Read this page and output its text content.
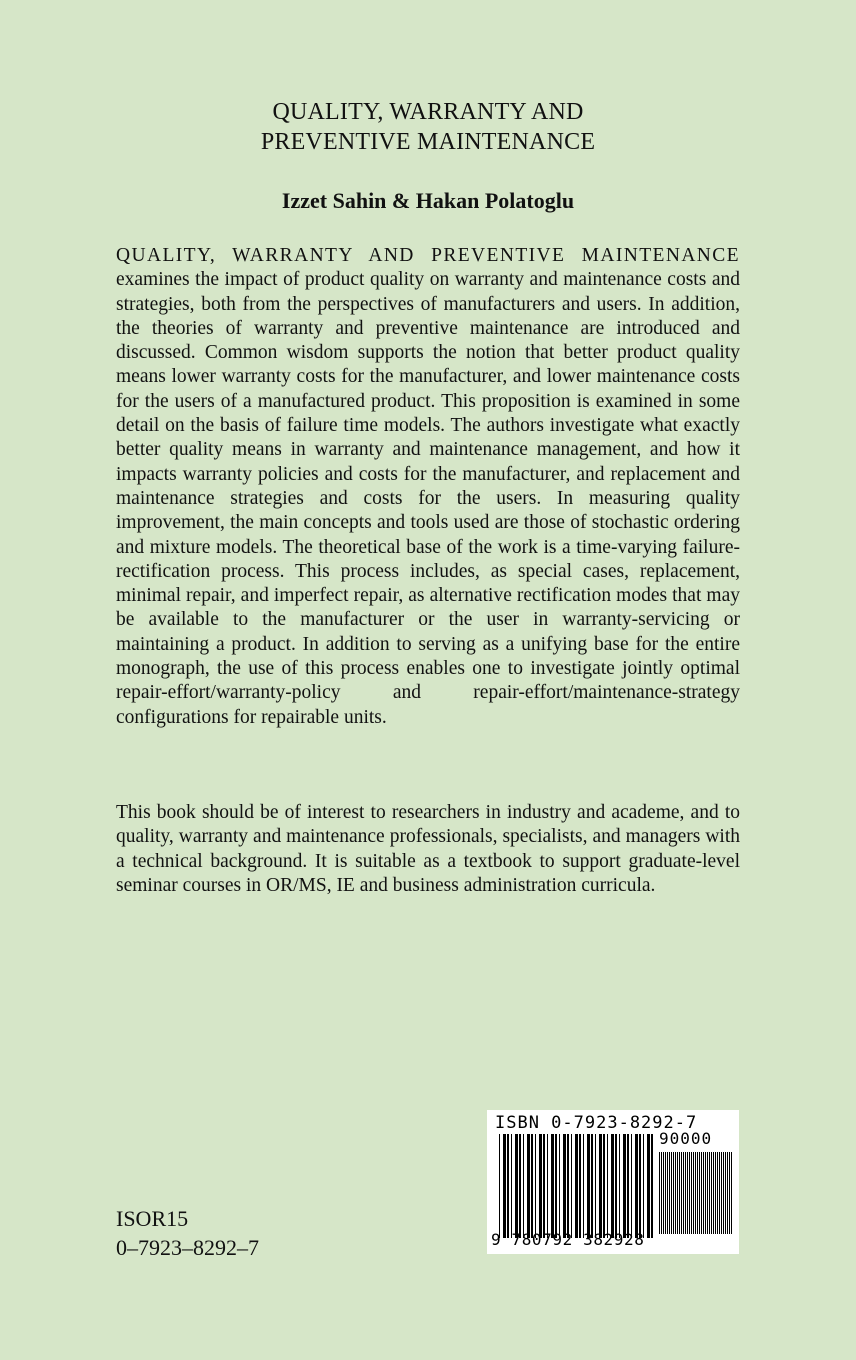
QUALITY, WARRANTY AND
PREVENTIVE MAINTENANCE

Izzet Sahin & Hakan Polatoglu

QUALITY, WARRANTY AND PREVENTIVE MAINTENANCE examines the impact of product quality on warranty and maintenance costs and strategies, both from the perspectives of manufacturers and users. In addition, the theories of warranty and preventive maintenance are introduced and discussed. Common wisdom supports the notion that better product quality means lower warranty costs for the manufacturer, and lower maintenance costs for the users of a manufactured product. This proposition is examined in some detail on the basis of failure time models. The authors investigate what exactly better quality means in warranty and maintenance management, and how it impacts warranty policies and costs for the manufacturer, and replacement and maintenance strategies and costs for the users. In measuring quality improvement, the main concepts and tools used are those of stochastic ordering and mixture models. The theoretical base of the work is a time-varying failure-rectification process. This process includes, as special cases, replacement, minimal repair, and imperfect repair, as alternative rectification modes that may be available to the manufacturer or the user in warranty-servicing or maintaining a product. In addition to serving as a unifying base for the entire monograph, the use of this process enables one to investigate jointly optimal repair-effort/warranty-policy and repair-effort/maintenance-strategy configurations for repairable units.

This book should be of interest to researchers in industry and academe, and to quality, warranty and maintenance professionals, specialists, and managers with a technical background. It is suitable as a textbook to support graduate-level seminar courses in OR/MS, IE and business administration curricula.

ISOR15
0–7923–8292–7
ISBN 0-7923-8292-7
90000
9 780792 382928
